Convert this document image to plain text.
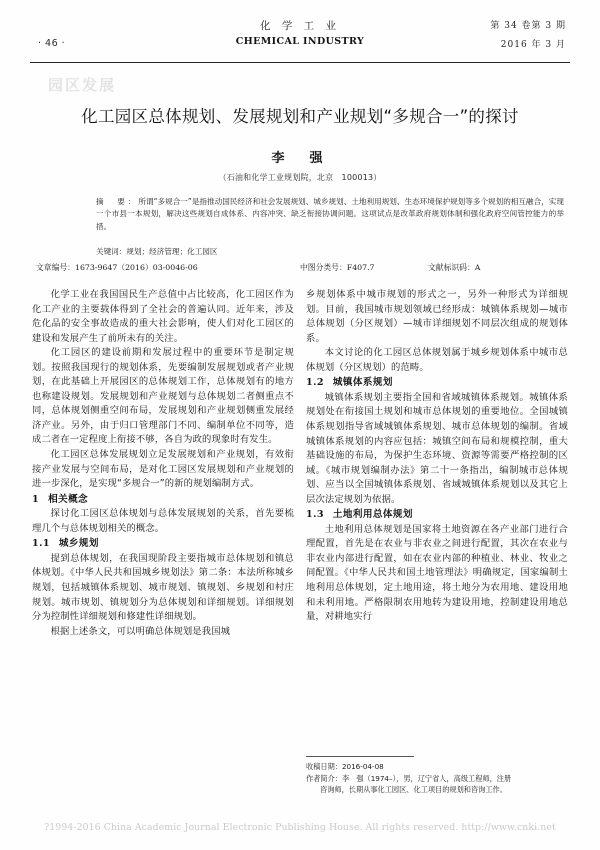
· 46 ·
化 学 工 业
CHEMICAL INDUSTRY
第 34 卷第 3 期
2016 年 3 月
园区发展
化工园区总体规划、发展规划和产业规划“多规合一”的探讨
李　强
（石油和化学工业规划院，北京　100013）
摘　要：所谓“多规合一”是指推动国民经济和社会发展规划、城乡规划、土地利用规划、生态环境保护规划等多个规划的相互融合，实现一个市县一本规划，解决这些规划自成体系、内容冲突、缺乏衔接协调问题。这项试点是改革政府规划体制和强化政府空间管控能力的举措。
关键词：规划；经济管理；化工园区
文章编号：1673-9647（2016）03-0046-06	中图分类号：F407.7	文献标识码：A

化学工业在我国国民生产总值中占比较高，化工园区作为化工产业的主要载体得到了全社会的普遍认同。近年来，涉及危化品的安全事故造成的重大社会影响，使人们对化工园区的建设和发展产生了前所未有的关注。

化工园区的建设前期和发展过程中的重要环节是制定规划。按照我国现行的规划体系，先要编制发展规划或者产业规划，在此基础上开展园区的总体规划工作，总体规划有的地方也称建设规划。发展规划和产业规划与总体规划二者侧重点不同，总体规划侧重空间布局，发展规划和产业规划侧重发展经济产业。另外，由于归口管理部门不同、编制单位不同等，造成二者在一定程度上衔接不够，各自为政的现象时有发生。

化工园区总体发展规划立足发展规划和产业规划，有效衔接产业发展与空间布局，是对化工园区发展规划和产业规划的进一步深化，是实现“多规合一”的新的规划编制方式。

1 相关概念

探讨化工园区总体规划与总体发展规划的关系，首先要梳理几个与总体规划相关的概念。

1.1 城乡规划

提到总体规划，在我国现阶段主要指城市总体规划和镇总体规划。《中华人民共和国城乡规划法》第二条：本法所称城乡规划，包括城镇体系规划、城市规划、镇规划、乡规划和村庄规划。城市规划、镇规划分为总体规划和详细规划。详细规划分为控制性详细规划和修建性详细规划。

根据上述条文，可以明确总体规划是我国城

乡规划体系中城市规划的形式之一，另外一种形式为详细规划。目前，我国城市规划领域已经形成：城镇体系规划—城市总体规划（分区规划）—城市详细规划不同层次组成的规划体系。

本文讨论的化工园区总体规划属于城乡规划体系中城市总体规划（分区规划）的范畴。

1.2 城镇体系规划

城镇体系规划主要指全国和省域城镇体系规划。城镇体系规划处在衔接国土规划和城市总体规划的重要地位。全国城镇体系规划指导省域城镇体系规划、城市总体规划的编制。省域城镇体系规划的内容应包括：城镇空间布局和规模控制，重大基础设施的布局，为保护生态环境、资源等需要严格控制的区域。《城市规划编制办法》第二十一条指出，编制城市总体规划、应当以全国城镇体系规划、省域城镇体系规划以及其它上层次法定规划为依据。

1.3 土地利用总体规划

土地利用总体规划是国家将土地资源在各产业部门进行合理配置，首先是在农业与非农业之间进行配置，其次在农业与非农业内部进行配置，如在农业内部的种植业、林业、牧业之间配置。《中华人民共和国土地管理法》明确规定，国家编制土地利用总体规划，定土地用途，将土地分为农用地、建设用地和未利用地。严格限制农用地转为建设用地，控制建设用地总量，对耕地实行

收稿日期：2016-04-08

作者简介：李　强（1974–），男，辽宁省人，高级工程师，注册

咨询师，长期从事化工园区、化工项目的规划和咨询工作。

?1994-2016 China Academic Journal Electronic Publishing House. All rights reserved. http://www.cnki.net
